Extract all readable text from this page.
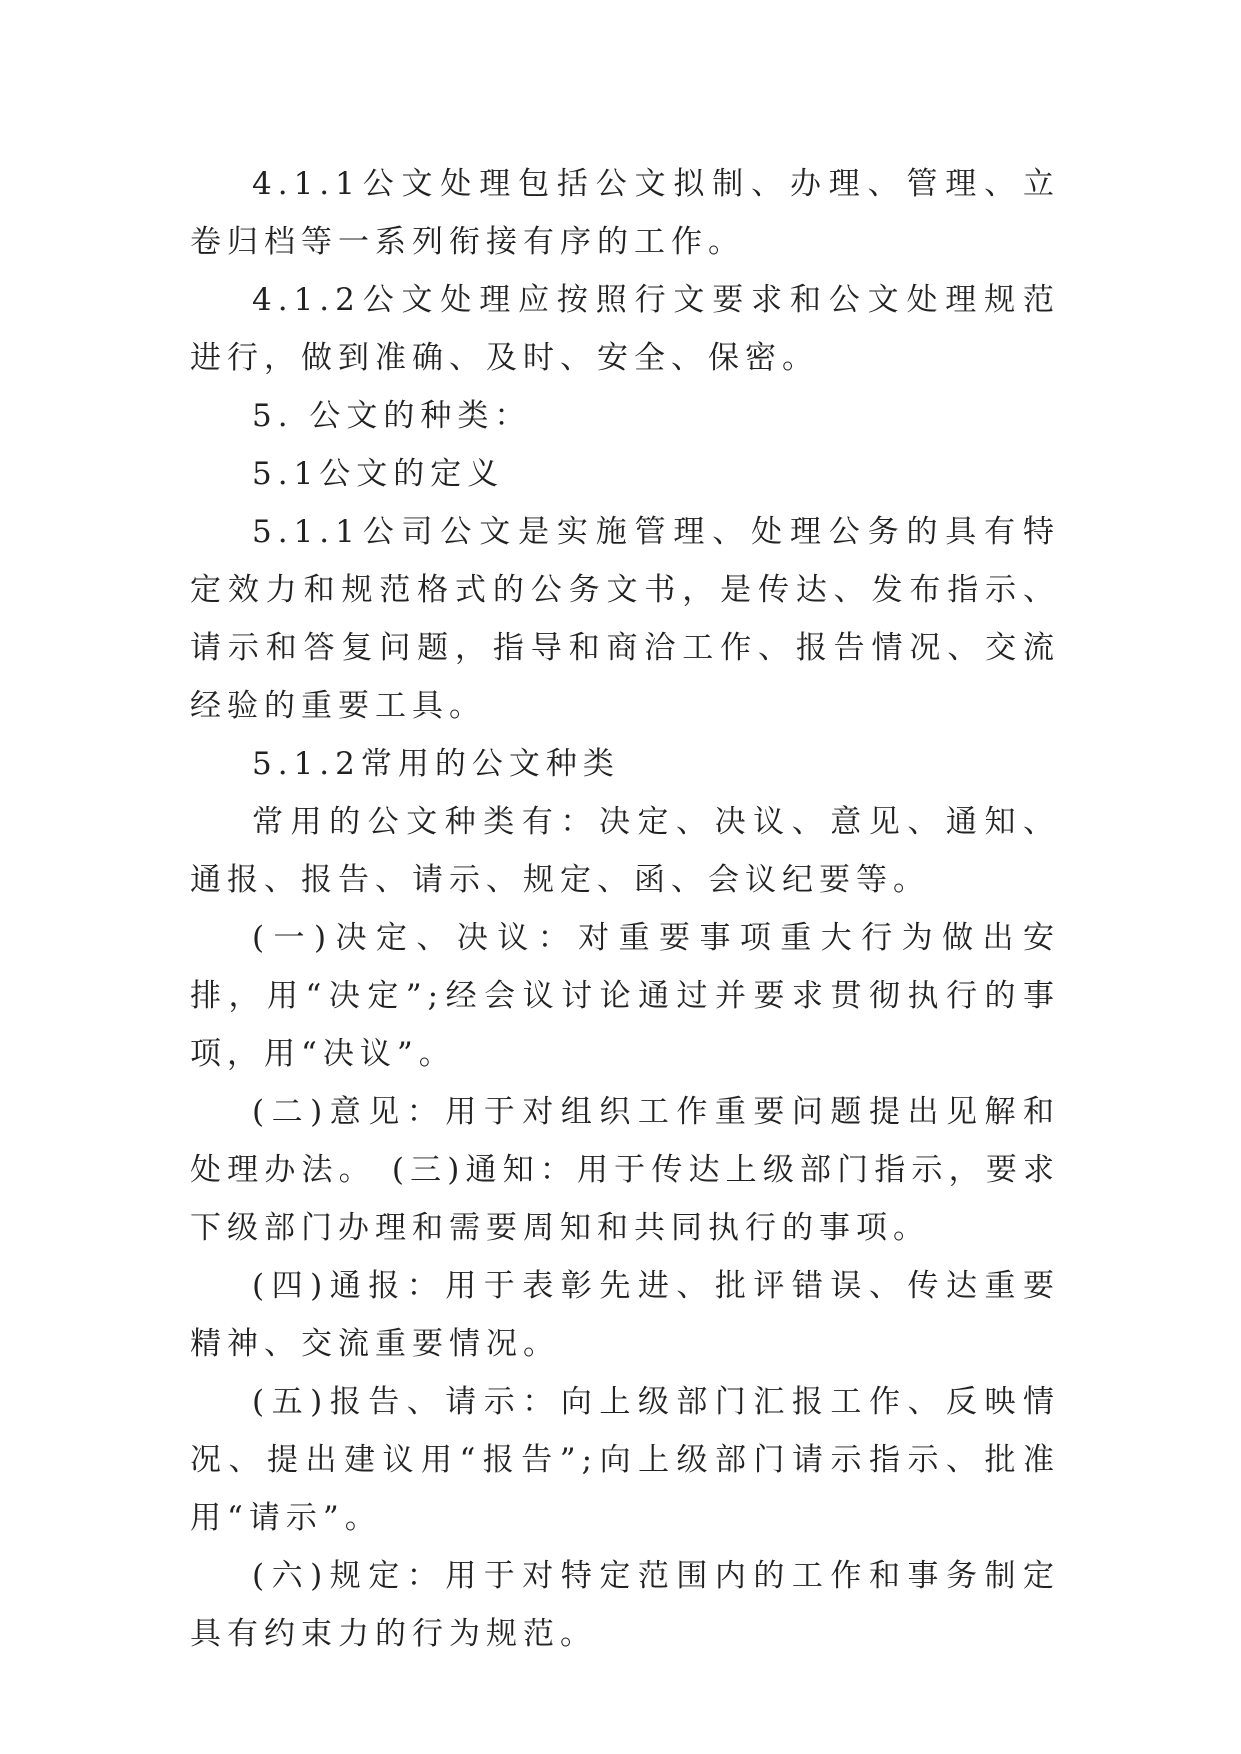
4.1.1公文处理包括公文拟制、办理、管理、立卷归档等一系列衔接有序的工作。

4.1.2公文处理应按照行文要求和公文处理规范进行，做到准确、及时、安全、保密。

5. 公文的种类：

5.1公文的定义

5.1.1公司公文是实施管理、处理公务的具有特定效力和规范格式的公务文书，是传达、发布指示、请示和答复问题，指导和商洽工作、报告情况、交流经验的重要工具。

5.1.2常用的公文种类

常用的公文种类有：决定、决议、意见、通知、通报、报告、请示、规定、函、会议纪要等。

(一)决定、决议：对重要事项重大行为做出安排，用“决定”;经会议讨论通过并要求贯彻执行的事项，用“决议”。

(二)意见：用于对组织工作重要问题提出见解和处理办法。 (三)通知：用于传达上级部门指示，要求下级部门办理和需要周知和共同执行的事项。

(四)通报：用于表彰先进、批评错误、传达重要精神、交流重要情况。

(五)报告、请示：向上级部门汇报工作、反映情况、提出建议用“报告”;向上级部门请示指示、批准用“请示”。

(六)规定：用于对特定范围内的工作和事务制定具有约束力的行为规范。
